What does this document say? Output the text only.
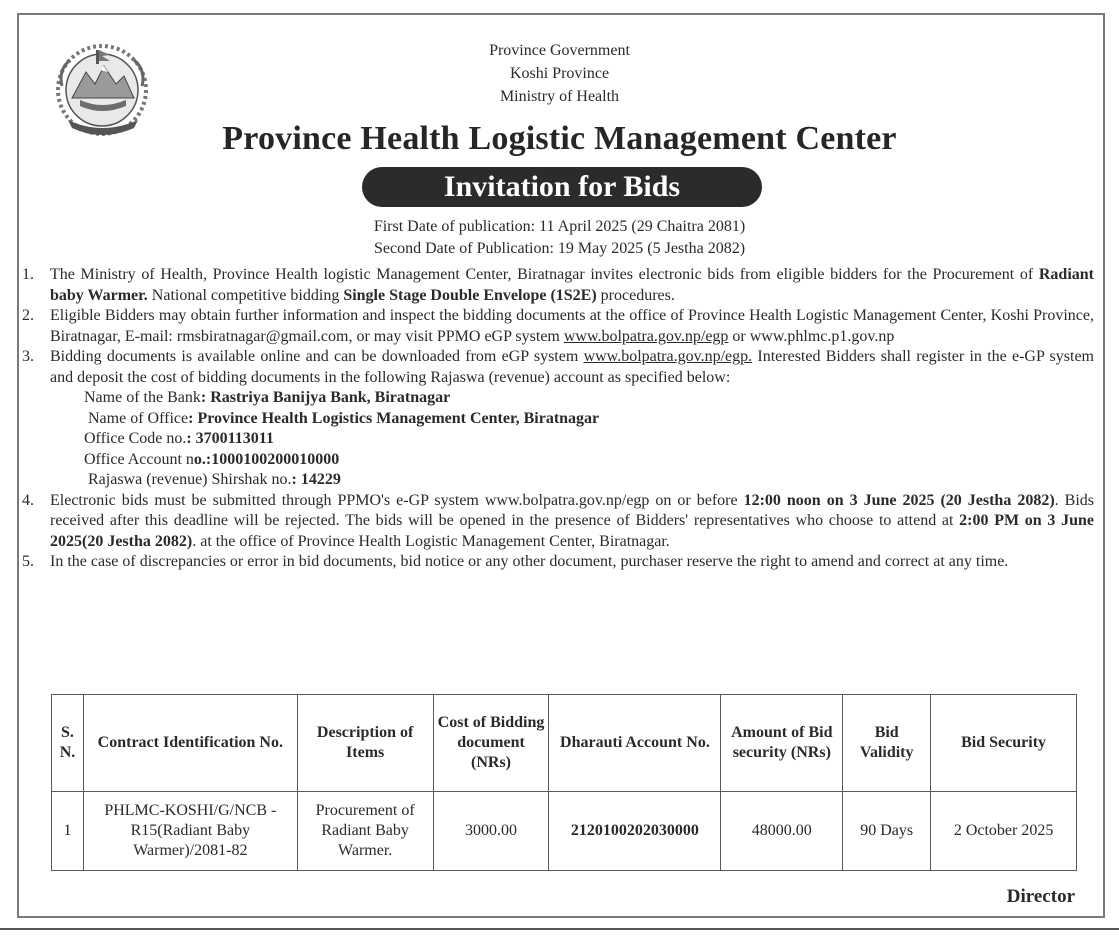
Province Government
Koshi Province
Ministry of Health
Province Health Logistic Management Center
Invitation for Bids
First Date of publication: 11 April 2025 (29 Chaitra 2081)
Second Date of Publication: 19 May 2025 (5 Jestha 2082)
1.	The Ministry of Health, Province Health logistic Management Center, Biratnagar invites electronic bids from eligible bidders for the Procurement of Radiant baby Warmer. National competitive bidding Single Stage Double Envelope (1S2E) procedures.
2.	Eligible Bidders may obtain further information and inspect the bidding documents at the office of Province Health Logistic Management Center, Koshi Province, Biratnagar, E-mail: rmsbiratnagar@gmail.com, or may visit PPMO eGP system www.bolpatra.gov.np/egp or www.phlmc.p1.gov.np
3.	Bidding documents is available online and can be downloaded from eGP system www.bolpatra.gov.np/egp. Interested Bidders shall register in the e-GP system and deposit the cost of bidding documents in the following Rajaswa (revenue) account as specified below:
Name of the Bank: Rastriya Banijya Bank, Biratnagar
Name of Office: Province Health Logistics Management Center, Biratnagar
Office Code no.: 3700113011
Office Account no.:1000100200010000
Rajaswa (revenue) Shirshak no.: 14229
4.	Electronic bids must be submitted through PPMO's e-GP system www.bolpatra.gov.np/egp on or before 12:00 noon on 3 June 2025 (20 Jestha 2082). Bids received after this deadline will be rejected. The bids will be opened in the presence of Bidders' representatives who choose to attend at 2:00 PM on 3 June 2025(20 Jestha 2082). at the office of Province Health Logistic Management Center, Biratnagar.
5.	In the case of discrepancies or error in bid documents, bid notice or any other document, purchaser reserve the right to amend and correct at any time.
S. N.	Contract Identification No.	Description of Items	Cost of Bidding document (NRs)	Dharauti Account No.	Amount of Bid security (NRs)	Bid Validity	Bid Security
1	PHLMC-KOSHI/G/NCB -R15(Radiant Baby Warmer)/2081-82	Procurement of Radiant Baby Warmer.	3000.00	2120100202030000	48000.00	90 Days	2 October 2025
Director
